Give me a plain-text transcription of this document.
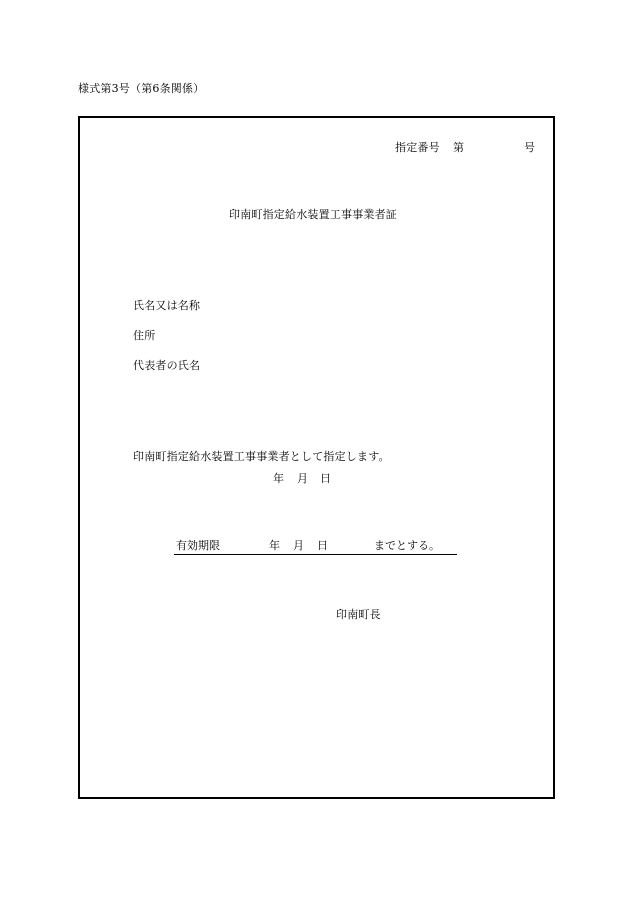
様式第3号（第6条関係）
指定番号 第	号
印南町指定給水装置工事事業者証
氏名又は名称
住所
代表者の氏名
印南町指定給水装置工事事業者として指定します。
年 月 日
有効期限	年 月 日	までとする。
印南町長
